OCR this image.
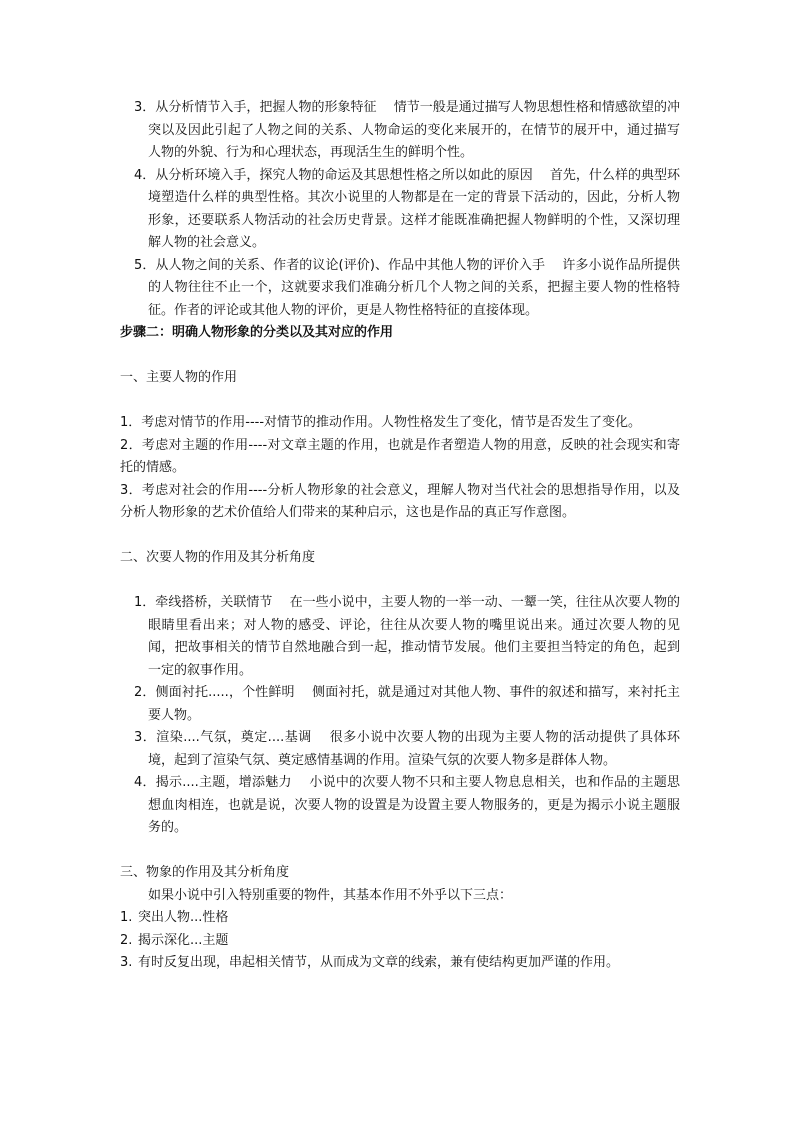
3．从分析情节入手，把握人物的形象特征　 情节一般是通过描写人物思想性格和情感欲望的冲突以及因此引起了人物之间的关系、人物命运的变化来展开的，在情节的展开中，通过描写人物的外貌、行为和心理状态，再现活生生的鲜明个性。

4．从分析环境入手，探究人物的命运及其思想性格之所以如此的原因　 首先，什么样的典型环境塑造什么样的典型性格。其次小说里的人物都是在一定的背景下活动的，因此，分析人物形象，还要联系人物活动的社会历史背景。这样才能既准确把握人物鲜明的个性，又深切理解人物的社会意义。

5．从人物之间的关系、作者的议论(评价)、作品中其他人物的评价入手　 许多小说作品所提供的人物往往不止一个，这就要求我们准确分析几个人物之间的关系，把握主要人物的性格特征。作者的评论或其他人物的评价，更是人物性格特征的直接体现。

步骤二：明确人物形象的分类以及其对应的作用

一、主要人物的作用

1．考虑对情节的作用----对情节的推动作用。人物性格发生了变化，情节是否发生了变化。

2．考虑对主题的作用----对文章主题的作用，也就是作者塑造人物的用意，反映的社会现实和寄托的情感。

3．考虑对社会的作用----分析人物形象的社会意义，理解人物对当代社会的思想指导作用，以及分析人物形象的艺术价值给人们带来的某种启示，这也是作品的真正写作意图。

二、次要人物的作用及其分析角度

1．牵线搭桥，关联情节　 在一些小说中，主要人物的一举一动、一颦一笑，往往从次要人物的眼睛里看出来；对人物的感受、评论，往往从次要人物的嘴里说出来。通过次要人物的见闻，把故事相关的情节自然地融合到一起，推动情节发展。他们主要担当特定的角色，起到一定的叙事作用。

2．侧面衬托.....，个性鲜明　 侧面衬托，就是通过对其他人物、事件的叙述和描写，来衬托主要人物。

3．渲染....气氛，奠定....基调　 很多小说中次要人物的出现为主要人物的活动提供了具体环境，起到了渲染气氛、奠定感情基调的作用。渲染气氛的次要人物多是群体人物。

4．揭示....主题，增添魅力　 小说中的次要人物不只和主要人物息息相关，也和作品的主题思想血肉相连，也就是说，次要人物的设置是为设置主要人物服务的，更是为揭示小说主题服务的。

三、物象的作用及其分析角度

如果小说中引入特别重要的物件，其基本作用不外乎以下三点：

1. 突出人物...性格
2. 揭示深化...主题
3. 有时反复出现，串起相关情节，从而成为文章的线索，兼有使结构更加严谨的作用。
